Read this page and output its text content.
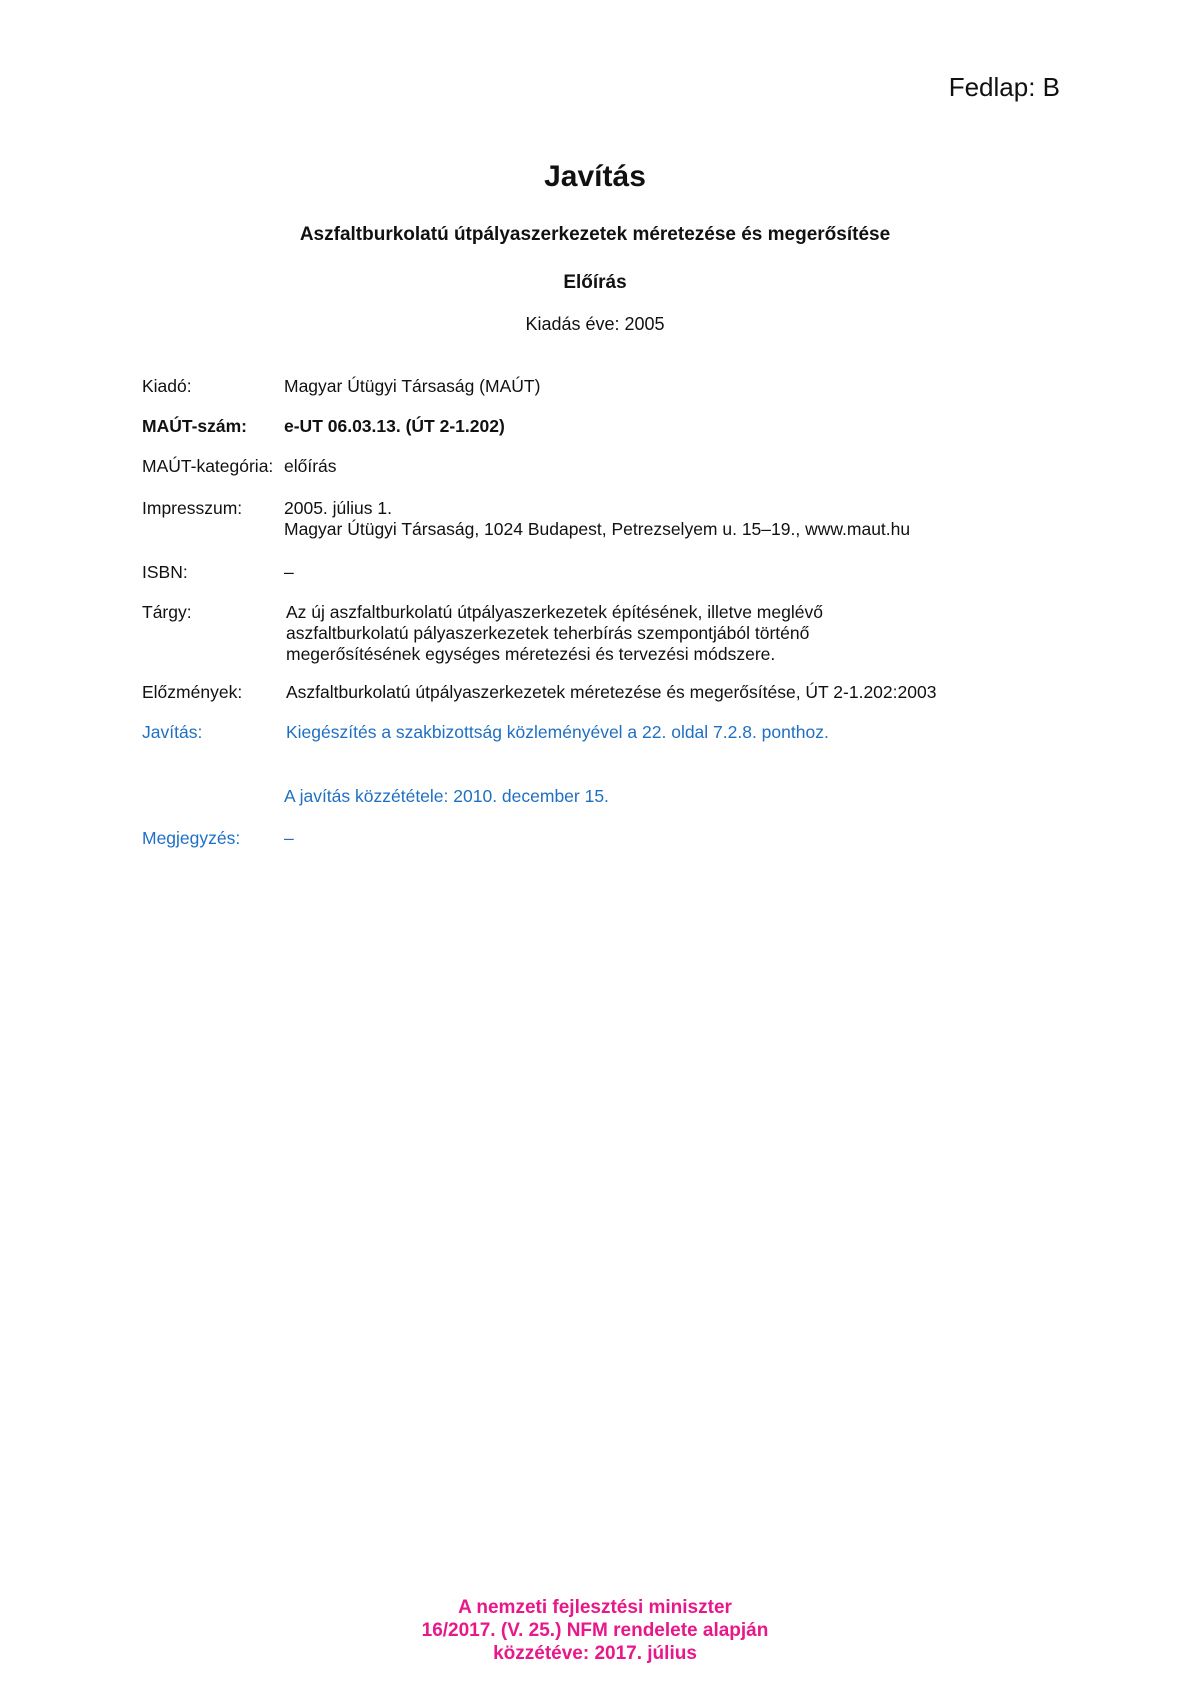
Fedlap: B
Javítás
Aszfaltburkolatú útpályaszerkezetek méretezése és megerősítése
Előírás
Kiadás éve: 2005
Kiadó:	Magyar Útügyi Társaság (MAÚT)
MAÚT-szám: e-UT 06.03.13. (ÚT 2-1.202)
MAÚT-kategória: előírás
Impresszum: 2005. július 1.
Magyar Útügyi Társaság, 1024 Budapest, Petrezselyem u. 15–19., www.maut.hu
ISBN:	–
Tárgy:	Az új aszfaltburkolatú útpályaszerkezetek építésének, illetve meglévő
aszfaltburkolatú pályaszerkezetek teherbírás szempontjából történő
megerősítésének egységes méretezési és tervezési módszere.
Előzmények:	Aszfaltburkolatú útpályaszerkezetek méretezése és megerősítése, ÚT 2-1.202:2003
Javítás:	Kiegészítés a szakbizottság közleményével a 22. oldal 7.2.8. ponthoz.
A javítás közzététele: 2010. december 15.
Megjegyzés:	–
A nemzeti fejlesztési miniszter
16/2017. (V. 25.) NFM rendelete alapján
közzétéve: 2017. július
